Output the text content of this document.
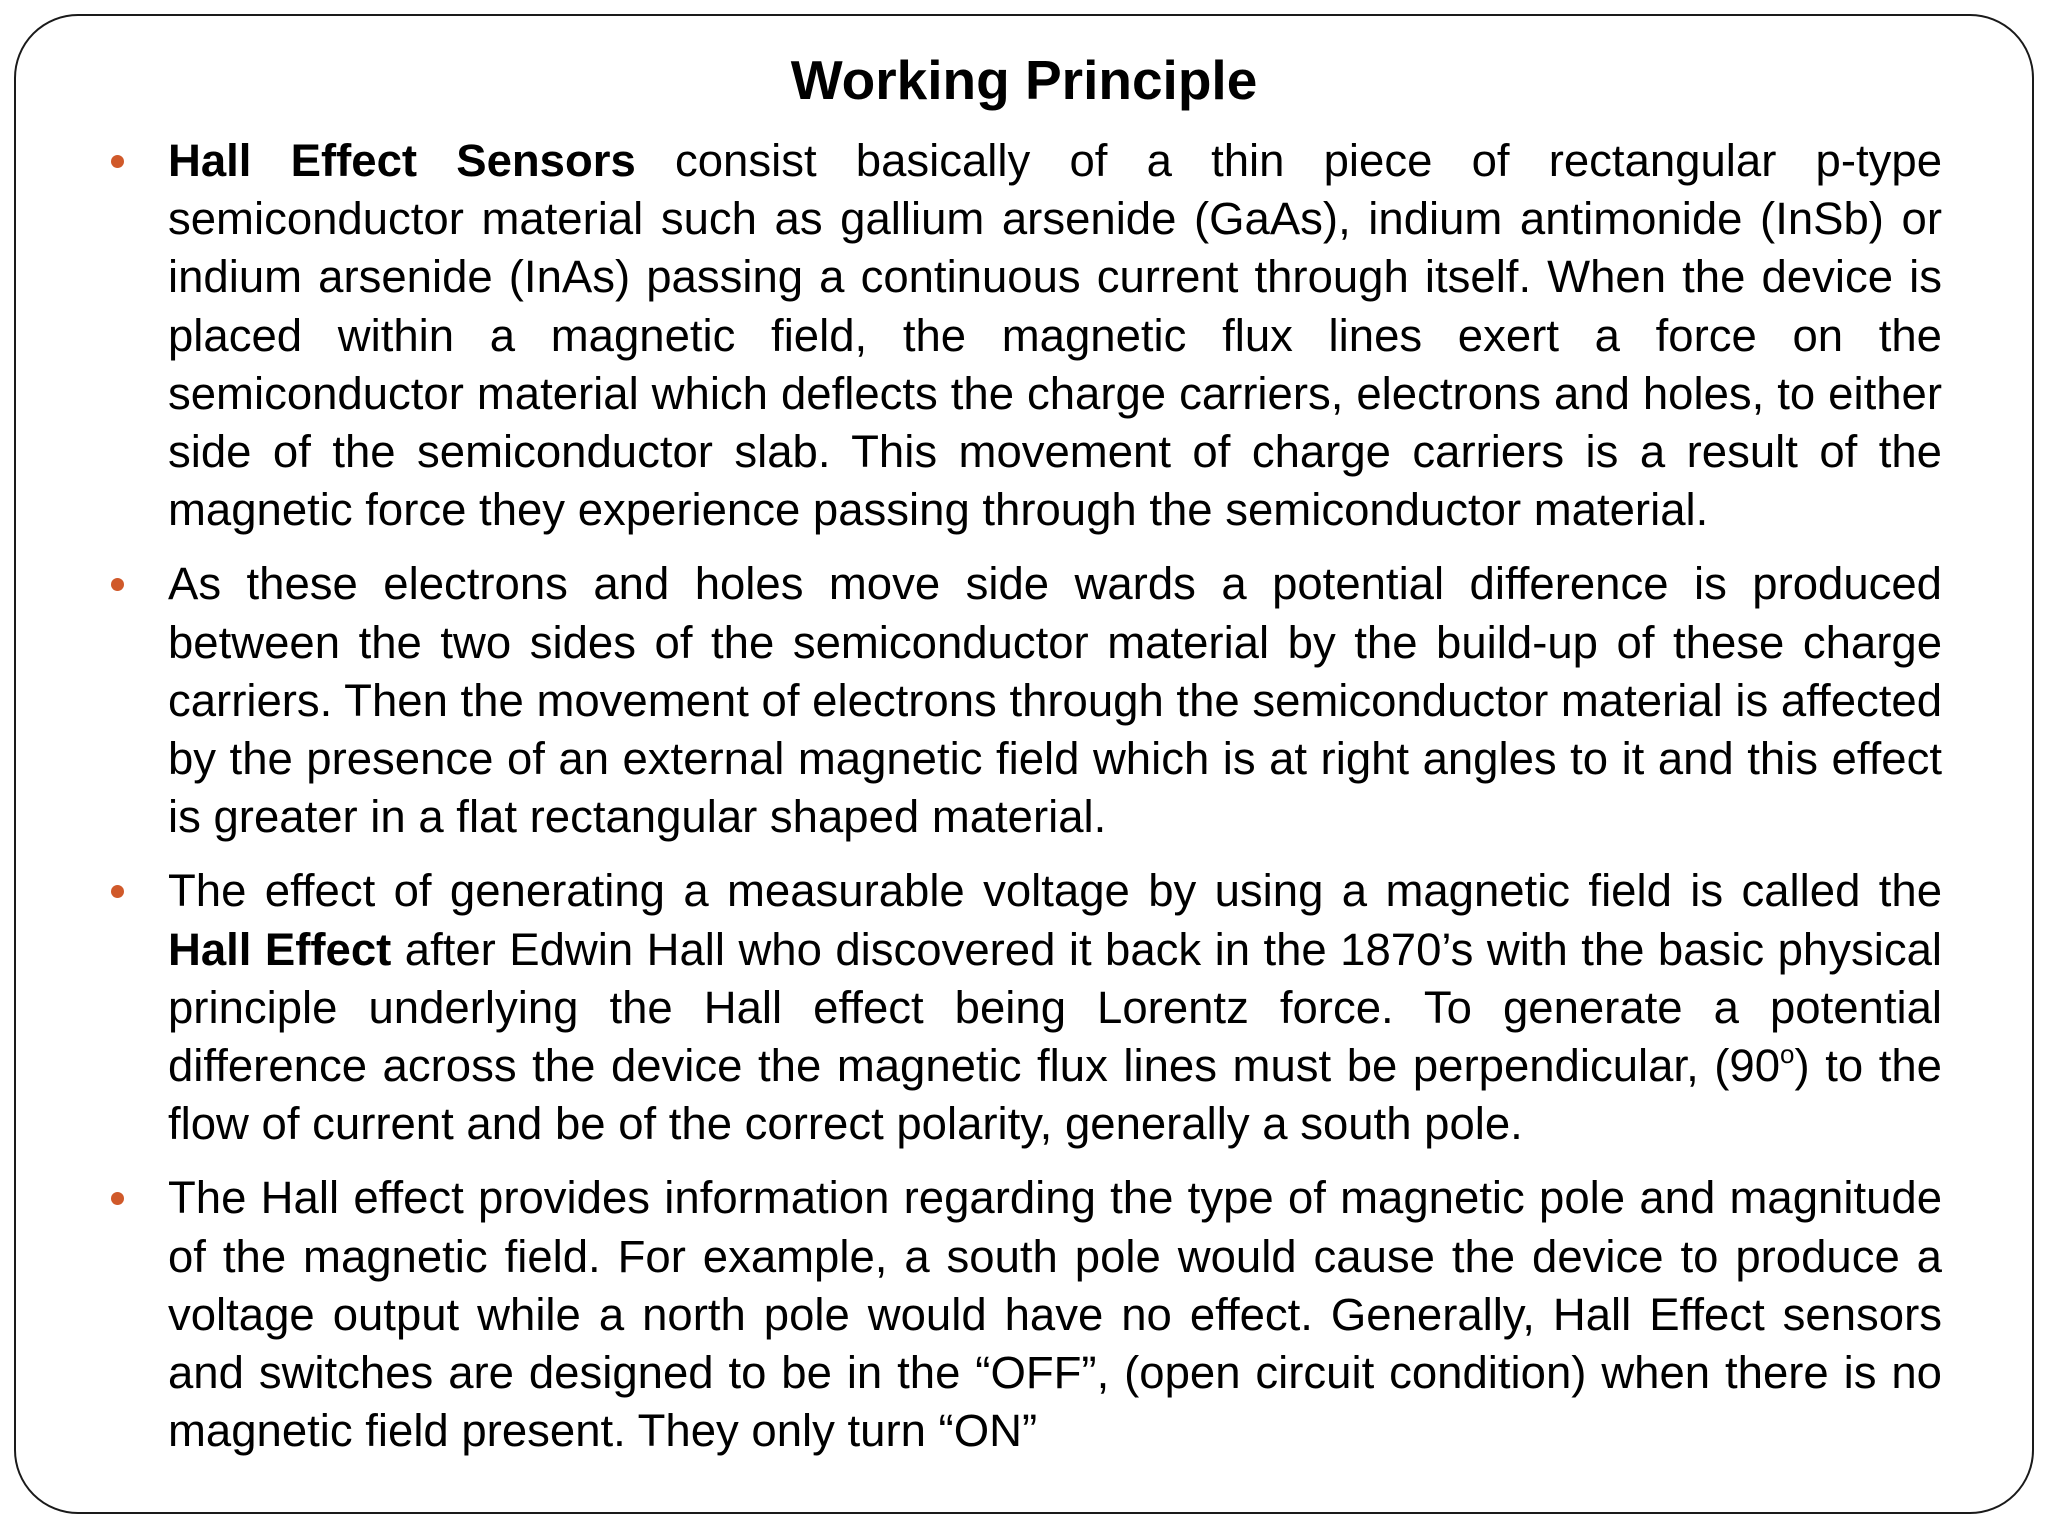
Working Principle
Hall Effect Sensors consist basically of a thin piece of rectangular p-type semiconductor material such as gallium arsenide (GaAs), indium antimonide (InSb) or indium arsenide (InAs) passing a continuous current through itself. When the device is placed within a magnetic field, the magnetic flux lines exert a force on the semiconductor material which deflects the charge carriers, electrons and holes, to either side of the semiconductor slab. This movement of charge carriers is a result of the magnetic force they experience passing through the semiconductor material.
As these electrons and holes move side wards a potential difference is produced between the two sides of the semiconductor material by the build-up of these charge carriers. Then the movement of electrons through the semiconductor material is affected by the presence of an external magnetic field which is at right angles to it and this effect is greater in a flat rectangular shaped material.
The effect of generating a measurable voltage by using a magnetic field is called the Hall Effect after Edwin Hall who discovered it back in the 1870’s with the basic physical principle underlying the Hall effect being Lorentz force. To generate a potential difference across the device the magnetic flux lines must be perpendicular, (90$^o$) to the flow of current and be of the correct polarity, generally a south pole.
The Hall effect provides information regarding the type of magnetic pole and magnitude of the magnetic field. For example, a south pole would cause the device to produce a voltage output while a north pole would have no effect. Generally, Hall Effect sensors and switches are designed to be in the “OFF”, (open circuit condition) when there is no magnetic field present. They only turn “ON”
